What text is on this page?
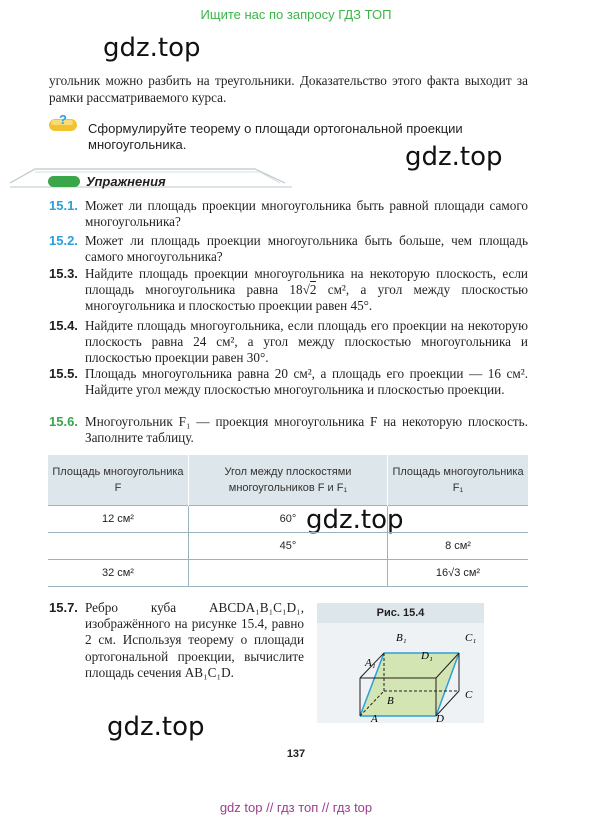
Ищите нас по запросу ГДЗ ТОП
gdz.top
gdz.top
gdz.top
gdz.top
угольник можно разбить на треугольники. Доказательство этого факта выходит за рамки рассматриваемого курса.
?
Сформулируйте теорему о площади ортогональной проекции многоугольника.
Упражнения
15.1. Может ли площадь проекции многоугольника быть равной площади самого многоугольника?
15.2. Может ли площадь проекции многоугольника быть больше, чем площадь самого многоугольника?
15.3. Найдите площадь проекции многоугольника на некоторую плоскость, если площадь многоугольника равна 18√2 см², а угол между плоскостью многоугольника и плоскостью проекции равен 45°.
15.4. Найдите площадь многоугольника, если площадь его проекции на некоторую плоскость равна 24 см², а угол между плоскостью многоугольника и плоскостью проекции равен 30°.
15.5. Площадь многоугольника равна 20 см², а площадь его проекции — 16 см². Найдите угол между плоскостью многоугольника и плоскостью проекции.
15.6. Многоугольник F₁ — проекция многоугольника F на некоторую плоскость. Заполните таблицу.
Площадь многоугольника F	Угол между плоскостями многоугольников F и F₁	Площадь многоугольника F₁
12 см²	60°	
	45°	8 см²
32 см²		16√3 см²
15.7. Ребро куба ABCDA₁B₁C₁D₁, изображённого на рисунке 15.4, равно 2 см. Используя теорему о площади ортогональной проекции, вычислите площадь сечения AB₁C₁D.
Рис. 15.4
A
B	C
D
A₁
B₁	C₁
D₁
137
gdz top // гдз топ // гдз top
